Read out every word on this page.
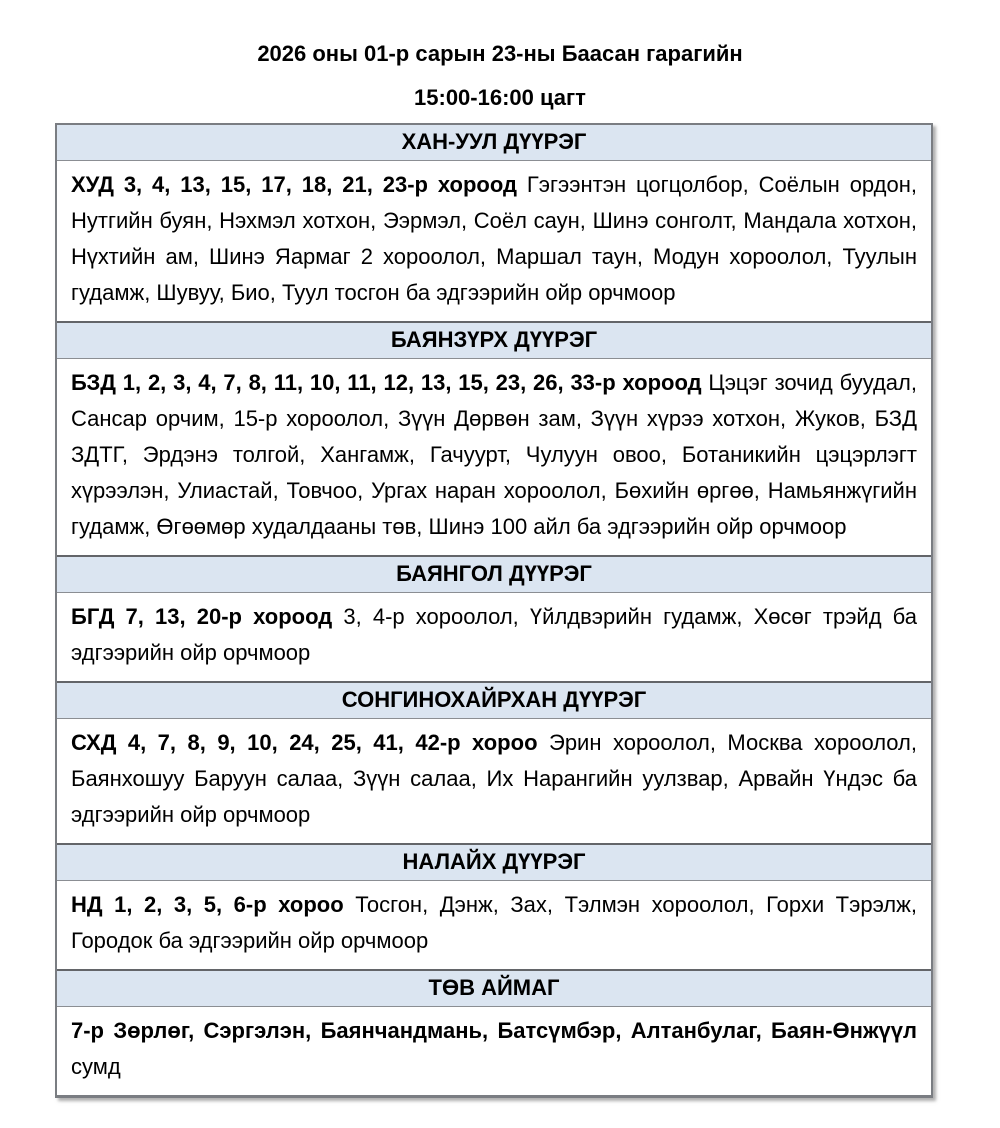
2026 оны 01-р сарын 23-ны Баасан гарагийн
15:00-16:00 цагт
ХАН-УУЛ ДҮҮРЭГ
ХУД 3, 4, 13, 15, 17, 18, 21, 23-р хороод Гэгээнтэн цогцолбор, Соёлын ордон, Нутгийн буян, Нэхмэл хотхон, Ээрмэл, Соёл саун, Шинэ сонголт, Мандала хотхон, Нүхтийн ам, Шинэ Яармаг 2 хороолол, Маршал таун, Модун хороолол, Туулын гудамж, Шувуу, Био, Туул тосгон ба эдгээрийн ойр орчмоор
БАЯНЗҮРХ ДҮҮРЭГ
БЗД 1, 2, 3, 4, 7, 8, 11, 10, 11, 12, 13, 15, 23, 26, 33-р хороод Цэцэг зочид буудал, Сансар орчим, 15-р хороолол, Зүүн Дөрвөн зам, Зүүн хүрээ хотхон, Жуков, БЗД ЗДТГ, Эрдэнэ толгой, Хангамж, Гачуурт, Чулуун овоо, Ботаникийн цэцэрлэгт хүрээлэн, Улиастай, Товчоо, Ургах наран хороолол, Бөхийн өргөө, Намьянжүгийн гудамж, Өгөөмөр худалдааны төв, Шинэ 100 айл ба эдгээрийн ойр орчмоор
БАЯНГОЛ ДҮҮРЭГ
БГД 7, 13, 20-р хороод 3, 4-р хороолол, Үйлдвэрийн гудамж, Хөсөг трэйд ба эдгээрийн ойр орчмоор
СОНГИНОХАЙРХАН ДҮҮРЭГ
СХД 4, 7, 8, 9, 10, 24, 25, 41, 42-р хороо Эрин хороолол, Москва хороолол, Баянхошуу Баруун салаа, Зүүн салаа, Их Нарангийн уулзвар, Арвайн Үндэс ба эдгээрийн ойр орчмоор
НАЛАЙХ ДҮҮРЭГ
НД 1, 2, 3, 5, 6-р хороо Тосгон, Дэнж, Зах, Тэлмэн хороолол, Горхи Тэрэлж, Городок ба эдгээрийн ойр орчмоор
ТӨВ АЙМАГ
7-р Зөрлөг, Сэргэлэн, Баянчандмань, Батсүмбэр, Алтанбулаг, Баян-Өнжүүл сумд
